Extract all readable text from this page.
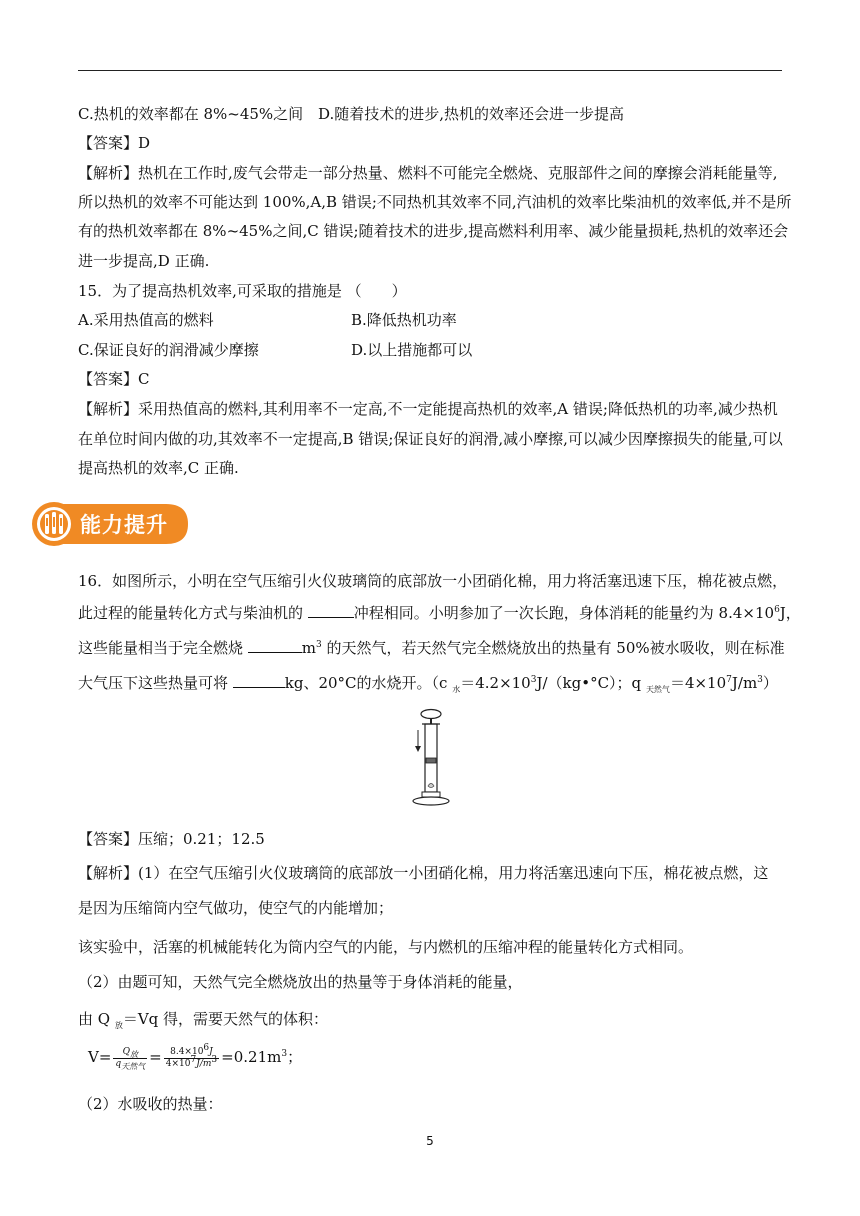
C.热机的效率都在 8%~45%之间 D.随着技术的进步,热机的效率还会进一步提高
【答案】D
【解析】热机在工作时,废气会带走一部分热量、燃料不可能完全燃烧、克服部件之间的摩擦会消耗能量等,
所以热机的效率不可能达到 100%,A,B 错误;不同热机其效率不同,汽油机的效率比柴油机的效率低,并不是所
有的热机效率都在 8%~45%之间,C 错误;随着技术的进步,提高燃料利用率、减少能量损耗,热机的效率还会
进一步提高,D 正确.
15．为了提高热机效率,可采取的措施是 （　　）
A.采用热值高的燃料	B.降低热机功率
C.保证良好的润滑减少摩擦	D.以上措施都可以
【答案】C
【解析】采用热值高的燃料,其利用率不一定高,不一定能提高热机的效率,A 错误;降低热机的功率,减少热机
在单位时间内做的功,其效率不一定提高,B 错误;保证良好的润滑,减小摩擦,可以减少因摩擦损失的能量,可以
提高热机的效率,C 正确.
能力提升
16．如图所示，小明在空气压缩引火仪玻璃筒的底部放一小团硝化棉，用力将活塞迅速下压，棉花被点燃，
此过程的能量转化方式与柴油机的	冲程相同。小明参加了一次长跑，身体消耗的能量约为 $8.4\times 10^6J$，
这些能量相当于完全燃烧	$m^3$ 的天然气，若天然气完全燃烧放出的热量有 50%被水吸收，则在标准
大气压下这些热量可将	kg、20°C的水烧开。（c $_水=4.2\times 10^3J/(kg•^\circ C)$；q $_{天然气}=4\times 10^7J/m^3$）
【答案】压缩；0.21；12.5
【解析】(1）在空气压缩引火仪玻璃筒的底部放一小团硝化棉，用力将活塞迅速向下压，棉花被点燃，这
是因为压缩筒内空气做功，使空气的内能增加；
该实验中，活塞的机械能转化为筒内空气的内能，与内燃机的压缩冲程的能量转化方式相同。
（2）由题可知，天然气完全燃烧放出的热量等于身体消耗的能量，
由 Q $_放$＝Vq 得，需要天然气的体积：
$V= \frac{Q_放}{q_{天然气}} = \frac{8.4\times 10^6J}{4\times 10^7J/m^3} =0.21m^3$；
（2）水吸收的热量：
5
